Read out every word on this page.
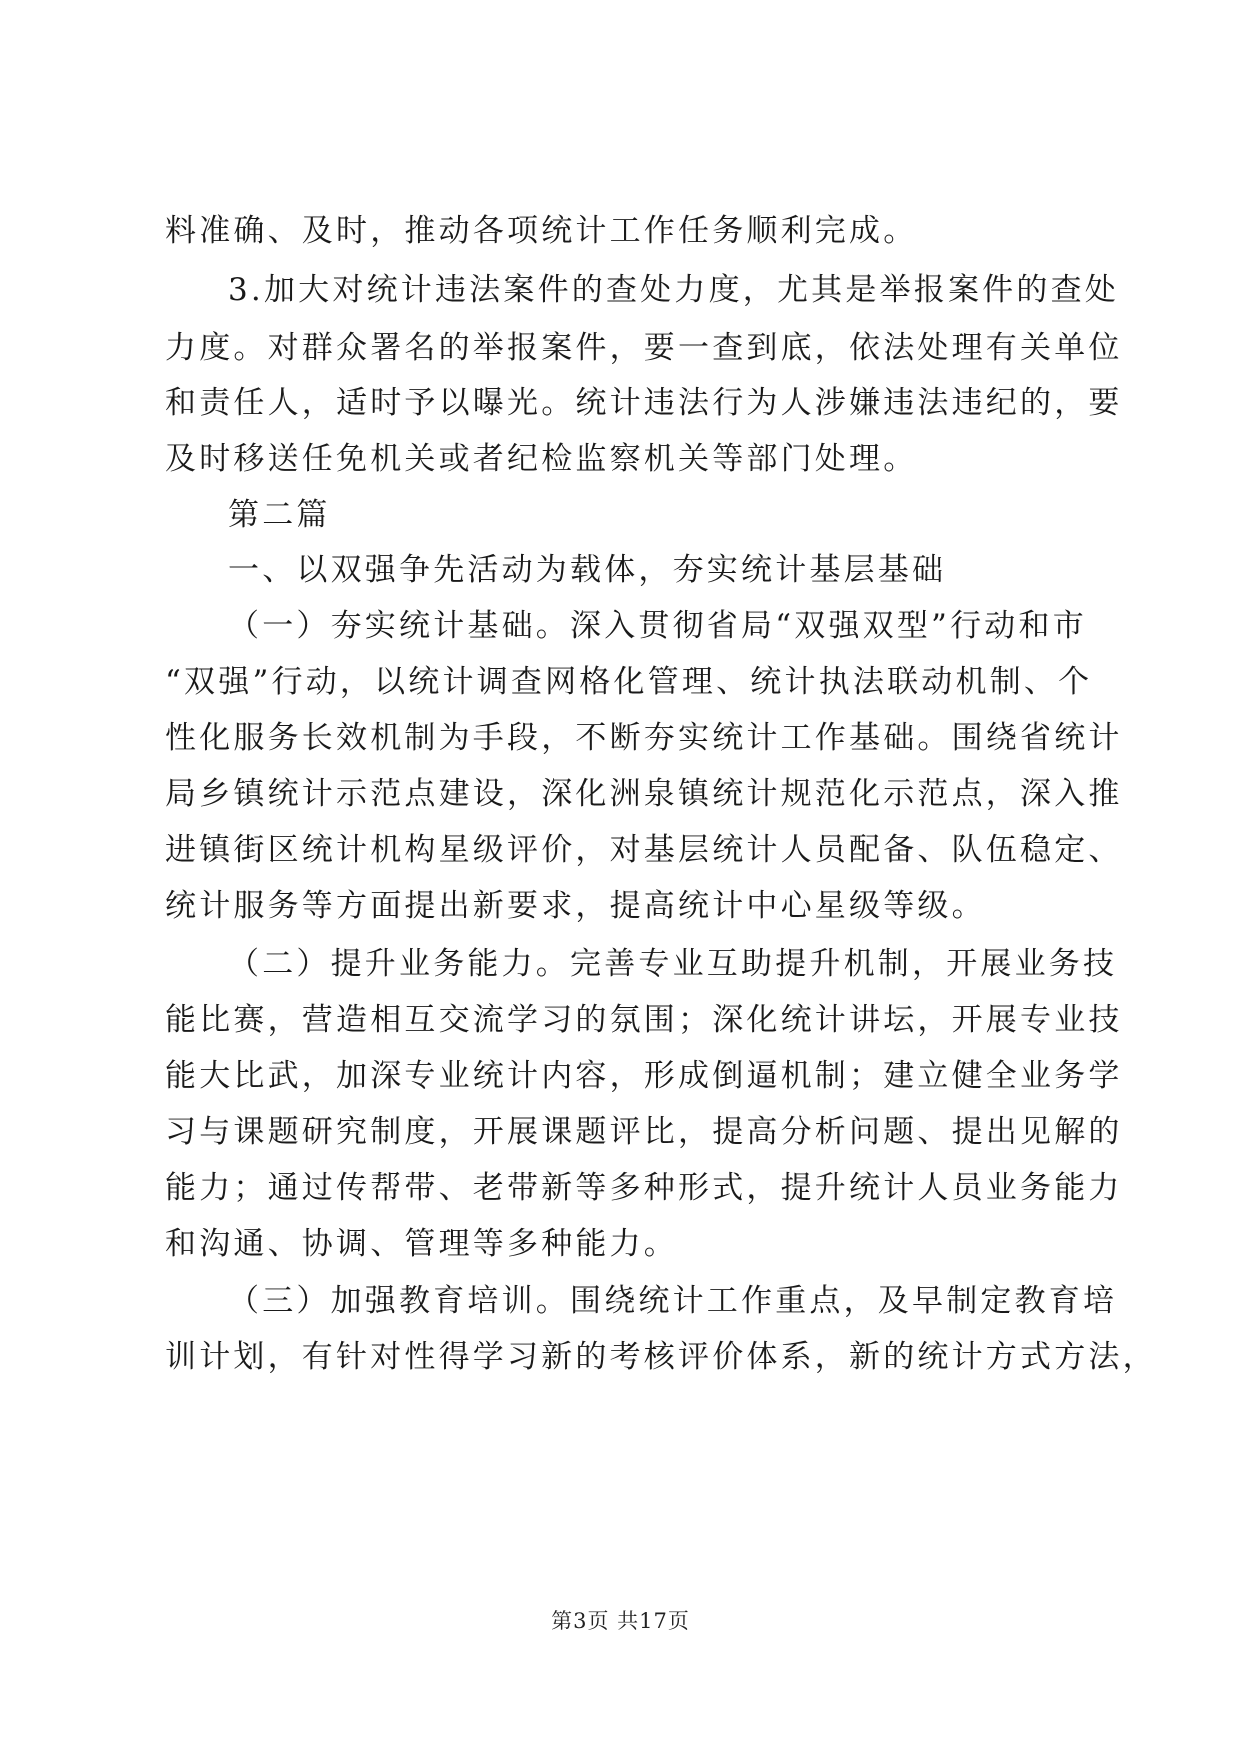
料准确、及时，推动各项统计工作任务顺利完成。
3.加大对统计违法案件的查处力度，尤其是举报案件的查处
力度。对群众署名的举报案件，要一查到底，依法处理有关单位
和责任人，适时予以曝光。统计违法行为人涉嫌违法违纪的，要
及时移送任免机关或者纪检监察机关等部门处理。
第二篇
一、以双强争先活动为载体，夯实统计基层基础
（一）夯实统计基础。深入贯彻省局“双强双型”行动和市
“双强”行动，以统计调查网格化管理、统计执法联动机制、个
性化服务长效机制为手段，不断夯实统计工作基础。围绕省统计
局乡镇统计示范点建设，深化洲泉镇统计规范化示范点，深入推
进镇街区统计机构星级评价，对基层统计人员配备、队伍稳定、
统计服务等方面提出新要求，提高统计中心星级等级。
（二）提升业务能力。完善专业互助提升机制，开展业务技
能比赛，营造相互交流学习的氛围；深化统计讲坛，开展专业技
能大比武，加深专业统计内容，形成倒逼机制；建立健全业务学
习与课题研究制度，开展课题评比，提高分析问题、提出见解的
能力；通过传帮带、老带新等多种形式，提升统计人员业务能力
和沟通、协调、管理等多种能力。
（三）加强教育培训。围绕统计工作重点，及早制定教育培
训计划，有针对性得学习新的考核评价体系，新的统计方式方法，
第3页 共17页
